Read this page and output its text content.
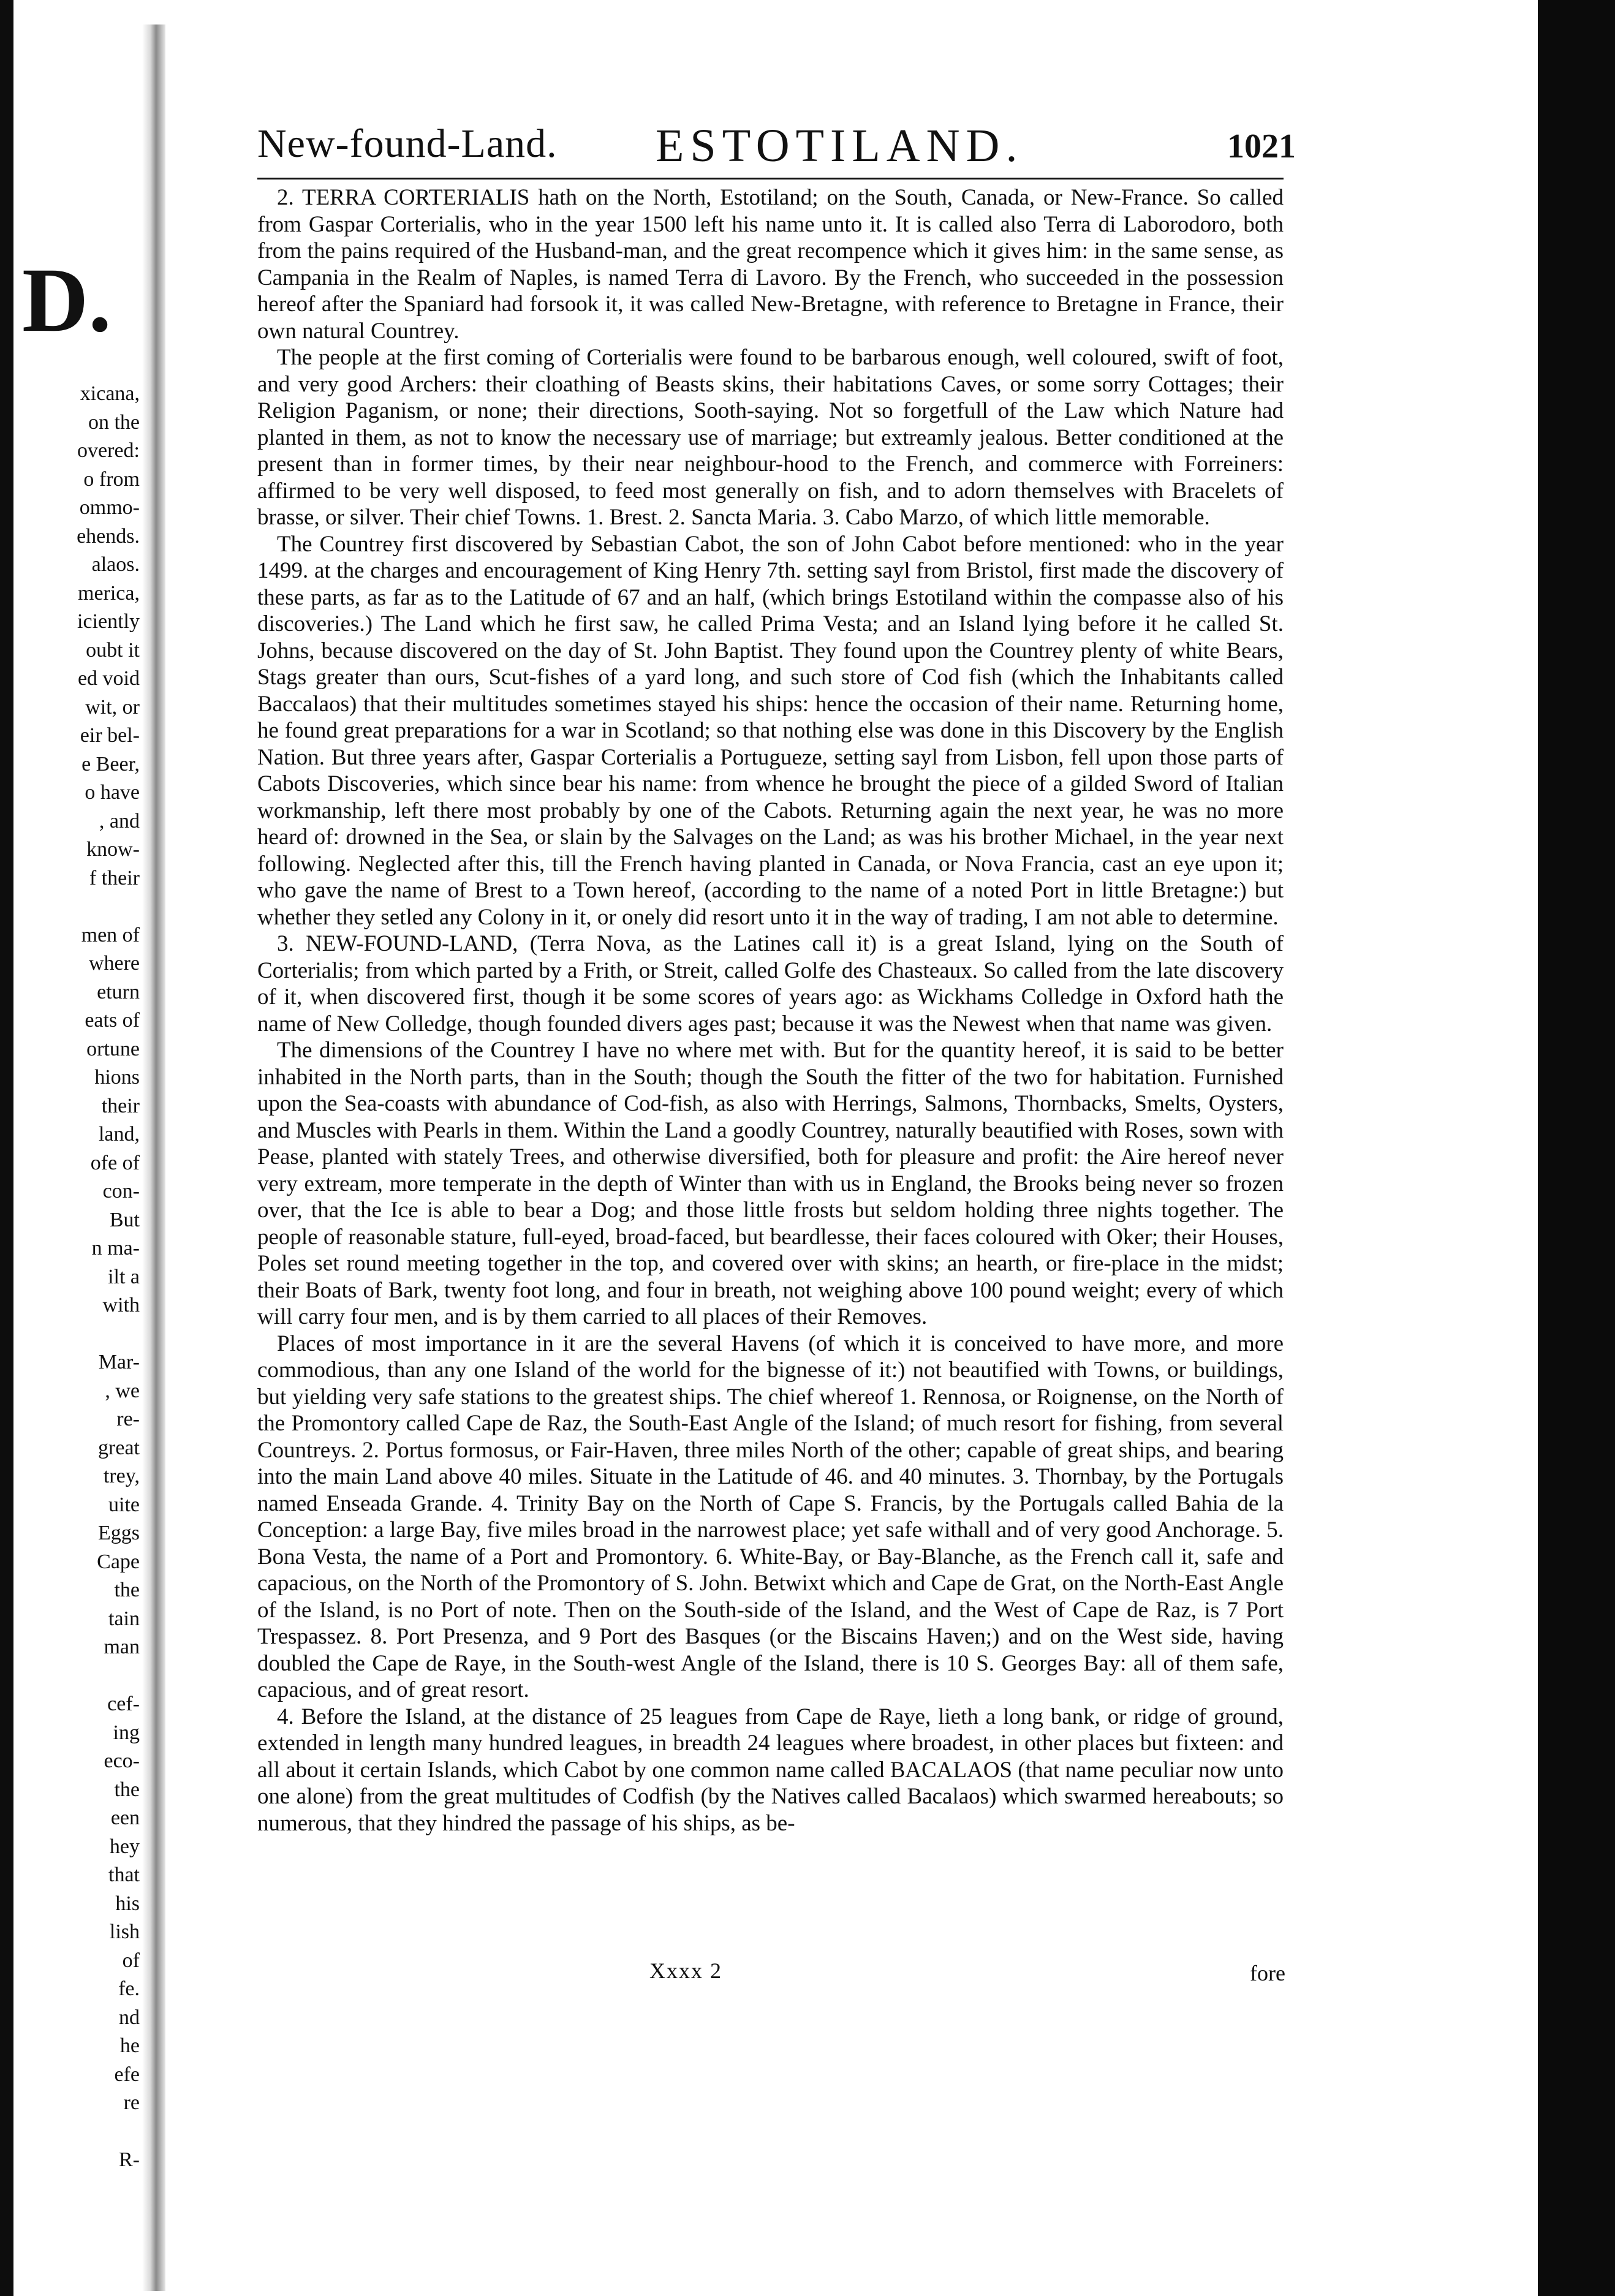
D.
xicana,
on the
overed:
o from
ommo-
ehends.
alaos.
merica,
iciently
oubt it
ed void
wit, or
eir bel-
e Beer,
o have
, and
know-
f their
men of
where
eturn
eats of
ortune
hions
their
land,
ofe of
con-
But
n ma-
ilt a
with
Mar-
, we
re-
great
trey,
uite
Eggs
Cape
the
tain
man
cef-
ing
eco-
the
een
hey
that
his
lish
of
fe.
nd
he
efe
re
R-
New-found-Land. ESTOTILAND.	1021

2. TERRA CORTERIALIS hath on the North, Estotiland; on the South, Canada, or New-France. So called from Gaspar Corterialis, who in the year 1500 left his name unto it. It is called also Terra di Laborodoro, both from the pains required of the Husband-man, and the great recompence which it gives him: in the same sense, as Campania in the Realm of Naples, is named Terra di Lavoro. By the French, who succeeded in the possession hereof after the Spaniard had forsook it, it was called New-Bretagne, with reference to Bretagne in France, their own natural Countrey.

The people at the first coming of Corterialis were found to be barbarous enough, well coloured, swift of foot, and very good Archers: their cloathing of Beasts skins, their habitations Caves, or some sorry Cottages; their Religion Paganism, or none; their directions, Sooth-saying. Not so forgetfull of the Law which Nature had planted in them, as not to know the necessary use of marriage; but extreamly jealous. Better conditioned at the present than in former times, by their near neighbour-hood to the French, and commerce with Forreiners: affirmed to be very well disposed, to feed most generally on fish, and to adorn themselves with Bracelets of brasse, or silver. Their chief Towns. 1. Brest. 2. Sancta Maria. 3. Cabo Marzo, of which little memorable.

The Countrey first discovered by Sebastian Cabot, the son of John Cabot before mentioned: who in the year 1499. at the charges and encouragement of King Henry 7th. setting sayl from Bristol, first made the discovery of these parts, as far as to the Latitude of 67 and an half, (which brings Estotiland within the compasse also of his discoveries.) The Land which he first saw, he called Prima Vesta; and an Island lying before it he called St. Johns, because discovered on the day of St. John Baptist. They found upon the Countrey plenty of white Bears, Stags greater than ours, Scut-fishes of a yard long, and such store of Cod fish (which the Inhabitants called Baccalaos) that their multitudes sometimes stayed his ships: hence the occasion of their name. Returning home, he found great preparations for a war in Scotland; so that nothing else was done in this Discovery by the English Nation. But three years after, Gaspar Corterialis a Portugueze, setting sayl from Lisbon, fell upon those parts of Cabots Discoveries, which since bear his name: from whence he brought the piece of a gilded Sword of Italian workmanship, left there most probably by one of the Cabots. Returning again the next year, he was no more heard of: drowned in the Sea, or slain by the Salvages on the Land; as was his brother Michael, in the year next following. Neglected after this, till the French having planted in Canada, or Nova Francia, cast an eye upon it; who gave the name of Brest to a Town hereof, (according to the name of a noted Port in little Bretagne:) but whether they setled any Colony in it, or onely did resort unto it in the way of trading, I am not able to determine.

3. NEW-FOUND-LAND, (Terra Nova, as the Latines call it) is a great Island, lying on the South of Corterialis; from which parted by a Frith, or Streit, called Golfe des Chasteaux. So called from the late discovery of it, when discovered first, though it be some scores of years ago: as Wickhams Colledge in Oxford hath the name of New Colledge, though founded divers ages past; because it was the Newest when that name was given.

The dimensions of the Countrey I have no where met with. But for the quantity hereof, it is said to be better inhabited in the North parts, than in the South; though the South the fitter of the two for habitation. Furnished upon the Sea-coasts with abundance of Cod-fish, as also with Herrings, Salmons, Thornbacks, Smelts, Oysters, and Muscles with Pearls in them. Within the Land a goodly Countrey, naturally beautified with Roses, sown with Pease, planted with stately Trees, and otherwise diversified, both for pleasure and profit: the Aire hereof never very extream, more temperate in the depth of Winter than with us in England, the Brooks being never so frozen over, that the Ice is able to bear a Dog; and those little frosts but seldom holding three nights together. The people of reasonable stature, full-eyed, broad-faced, but beardlesse, their faces coloured with Oker; their Houses, Poles set round meeting together in the top, and covered over with skins; an hearth, or fire-place in the midst; their Boats of Bark, twenty foot long, and four in breath, not weighing above 100 pound weight; every of which will carry four men, and is by them carried to all places of their Removes.

Places of most importance in it are the several Havens (of which it is conceived to have more, and more commodious, than any one Island of the world for the bignesse of it:) not beautified with Towns, or buildings, but yielding very safe stations to the greatest ships. The chief whereof 1. Rennosa, or Roignense, on the North of the Promontory called Cape de Raz, the South-East Angle of the Island; of much resort for fishing, from several Countreys. 2. Portus formosus, or Fair-Haven, three miles North of the other; capable of great ships, and bearing into the main Land above 40 miles. Situate in the Latitude of 46. and 40 minutes. 3. Thornbay, by the Portugals named Enseada Grande. 4. Trinity Bay on the North of Cape S. Francis, by the Portugals called Bahia de la Conception: a large Bay, five miles broad in the narrowest place; yet safe withall and of very good Anchorage. 5. Bona Vesta, the name of a Port and Promontory. 6. White-Bay, or Bay-Blanche, as the French call it, safe and capacious, on the North of the Promontory of S. John. Betwixt which and Cape de Grat, on the North-East Angle of the Island, is no Port of note. Then on the South-side of the Island, and the West of Cape de Raz, is 7 Port Trespassez. 8. Port Presenza, and 9 Port des Basques (or the Biscains Haven;) and on the West side, having doubled the Cape de Raye, in the South-west Angle of the Island, there is 10 S. Georges Bay: all of them safe, capacious, and of great resort.

4. Before the Island, at the distance of 25 leagues from Cape de Raye, lieth a long bank, or ridge of ground, extended in length many hundred leagues, in breadth 24 leagues where broadest, in other places but fixteen: and all about it certain Islands, which Cabot by one common name called BACALAOS (that name peculiar now unto one alone) from the great multitudes of Codfish (by the Natives called Bacalaos) which swarmed hereabouts; so numerous, that they hindred the passage of his ships, as be-

Xxxx 2	fore
